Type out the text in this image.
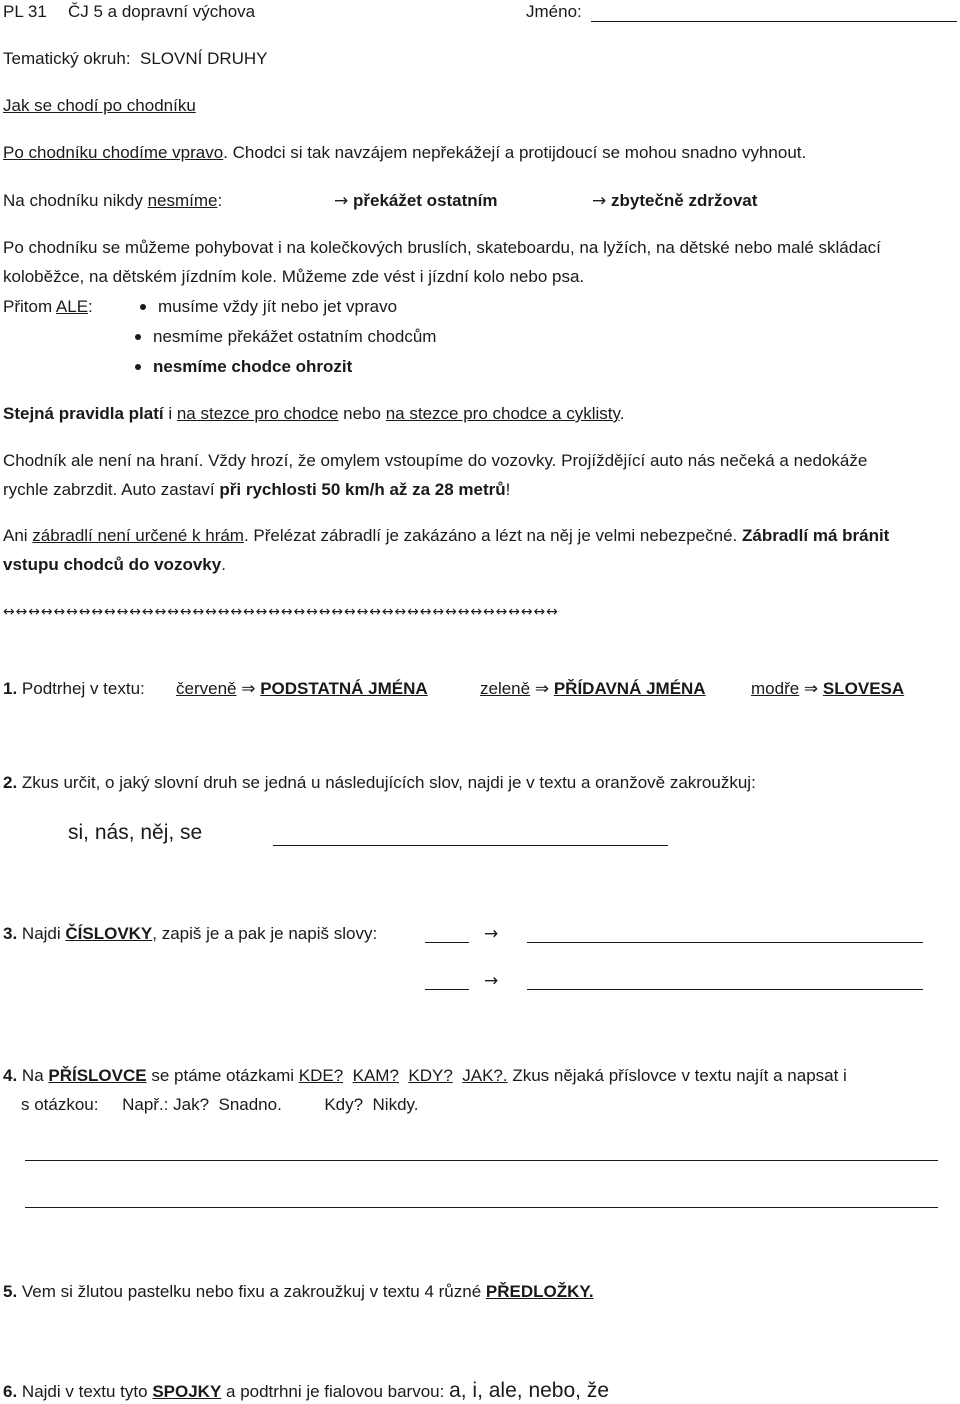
PL 31 ČJ 5 a dopravní výchova	Jméno:
Tematický okruh: SLOVNÍ DRUHY
Jak se chodí po chodníku
Po chodníku chodíme vpravo. Chodci si tak navzájem nepřekážejí a protijdoucí se mohou snadno vyhnout.
Na chodníku nikdy nesmíme:	→ překážet ostatním	→ zbytečně zdržovat
Po chodníku se můžeme pohybovat i na kolečkových bruslích, skateboardu, na lyžích, na dětské nebo malé skládací
koloběžce, na dětském jízdním kole. Můžeme zde vést i jízdní kolo nebo psa.
Přitom ALE:	musíme vždy jít nebo jet vpravo
nesmíme překážet ostatním chodcům
nesmíme chodce ohrozit
Stejná pravidla platí i na stezce pro chodce nebo na stezce pro chodce a cyklisty.
Chodník ale není na hraní. Vždy hrozí, že omylem vstoupíme do vozovky. Projíždějící auto nás nečeká a nedokáže
rychle zabrzdit. Auto zastaví při rychlosti 50 km/h až za 28 metrů!
Ani zábradlí není určené k hrám. Přelézat zábradlí je zakázáno a lézt na něj je velmi nebezpečné. Zábradlí má bránit
vstupu chodců do vozovky.
↔↔↔↔↔↔↔↔↔↔↔↔↔↔↔↔↔↔↔↔↔↔↔↔↔↔↔↔↔↔↔↔↔↔↔↔↔↔↔↔↔↔↔↔
1. Podtrhej v textu: červeně ⇒ PODSTATNÁ JMÉNA	zeleně ⇒ PŘÍDAVNÁ JMÉNA	modře ⇒ SLOVESA
2. Zkus určit, o jaký slovní druh se jedná u následujících slov, najdi je v textu a oranžově zakroužkuj:
si, nás, něj, se
3. Najdi ČÍSLOVKY, zapiš je a pak je napiš slovy:	→
→
4. Na PŘÍSLOVCE se ptáme otázkami KDE? KAM? KDY? JAK?. Zkus nějaká příslovce v textu najít a napsat i
s otázkou:     Např.: Jak?  Snadno.         Kdy?  Nikdy.
5. Vem si žlutou pastelku nebo fixu a zakroužkuj v textu 4 různé PŘEDLOŽKY.
6. Najdi v textu tyto SPOJKY a podtrhni je fialovou barvou: a, i, ale, nebo, že
